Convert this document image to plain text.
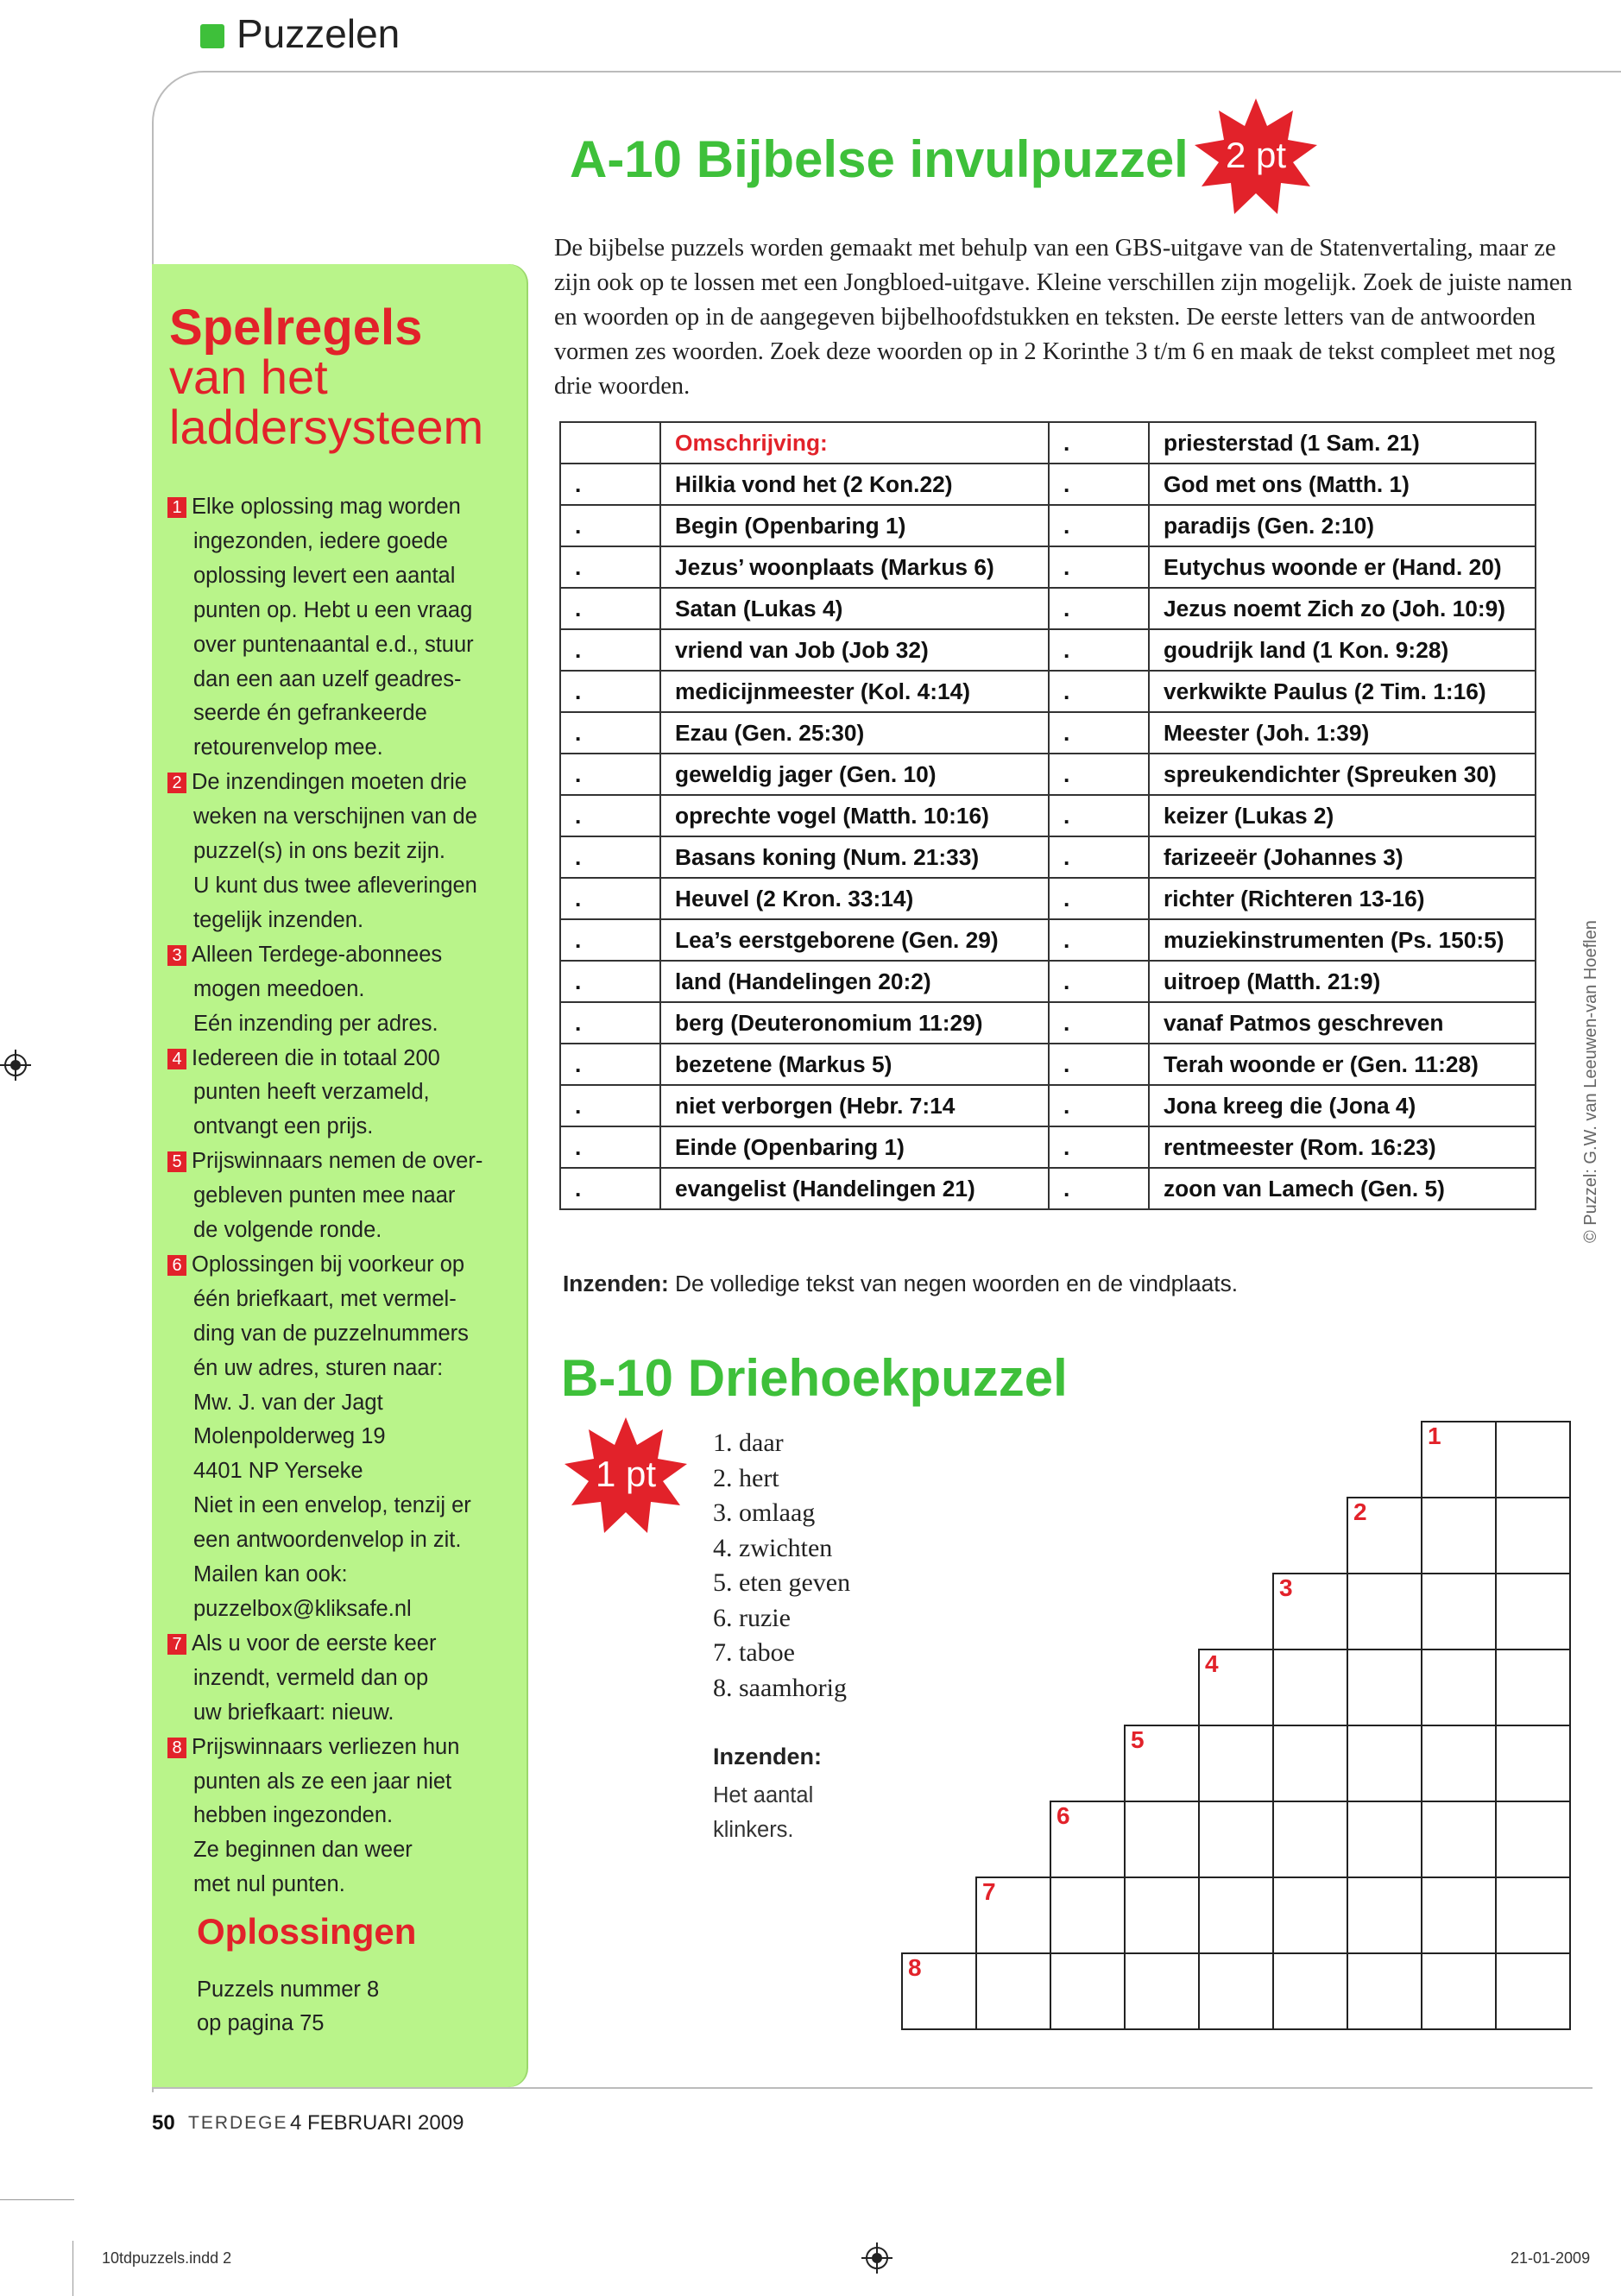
Puzzelen
Spelregels
van het laddersysteem
1 Elke oplossing mag worden
ingezonden, iedere goede
oplossing levert een aantal
punten op. Hebt u een vraag
over puntenaantal e.d., stuur
dan een aan uzelf geadres-
seerde én gefrankeerde
retourenvelop mee.
2 De inzendingen moeten drie
weken na verschijnen van de
puzzel(s) in ons bezit zijn.
U kunt dus twee afleveringen
tegelijk inzenden.
3 Alleen Terdege-abonnees
mogen meedoen.
Eén inzending per adres.
4 Iedereen die in totaal 200
punten heeft verzameld,
ontvangt een prijs.
5 Prijswinnaars nemen de over-
gebleven punten mee naar
de volgende ronde.
6 Oplossingen bij voorkeur op
één briefkaart, met vermel-
ding van de puzzelnummers
én uw adres, sturen naar:
Mw. J. van der Jagt
Molenpolderweg 19
4401 NP Yerseke
Niet in een envelop, tenzij er
een antwoordenvelop in zit.
Mailen kan ook:
puzzelbox@kliksafe.nl
7 Als u voor de eerste keer
inzendt, vermeld dan op
uw briefkaart: nieuw.
8 Prijswinnaars verliezen hun
punten als ze een jaar niet
hebben ingezonden.
Ze beginnen dan weer
met nul punten.
Oplossingen
Puzzels nummer 8
op pagina 75
A-10 Bijbelse invulpuzzel	2 pt
De bijbelse puzzels worden gemaakt met behulp van een GBS-uitgave van de Statenvertaling, maar ze zijn ook op te lossen met een Jongbloed-uitgave. Kleine verschillen zijn mogelijk. Zoek de juiste namen en woorden op in de aangegeven bijbelhoofdstukken en teksten. De eerste letters van de antwoorden vormen zes woorden. Zoek deze woorden op in 2 Korinthe 3 t/m 6 en maak de tekst compleet met nog drie woorden.
	Omschrijving:	.	priesterstad (1 Sam. 21)
.	Hilkia vond het (2 Kon.22)	.	God met ons (Matth. 1)
.	Begin (Openbaring 1)	.	paradijs (Gen. 2:10)
.	Jezus’ woonplaats (Markus 6)	.	Eutychus woonde er (Hand. 20)
.	Satan (Lukas 4)	.	Jezus noemt Zich zo (Joh. 10:9)
.	vriend van Job (Job 32)	.	goudrijk land (1 Kon. 9:28)
.	medicijnmeester (Kol. 4:14)	.	verkwikte Paulus (2 Tim. 1:16)
.	Ezau (Gen. 25:30)	.	Meester (Joh. 1:39)
.	geweldig jager (Gen. 10)	.	spreukendichter (Spreuken 30)
.	oprechte vogel (Matth. 10:16)	.	keizer (Lukas 2)
.	Basans koning (Num. 21:33)	.	farizeeër (Johannes 3)
.	Heuvel (2 Kron. 33:14)	.	richter (Richteren 13-16)
.	Lea’s eerstgeborene (Gen. 29)	.	muziekinstrumenten (Ps. 150:5)
.	land (Handelingen 20:2)	.	uitroep (Matth. 21:9)
.	berg (Deuteronomium 11:29)	.	vanaf Patmos geschreven
.	bezetene (Markus 5)	.	Terah woonde er (Gen. 11:28)
.	niet verborgen (Hebr. 7:14	.	Jona kreeg die (Jona 4)
.	Einde (Openbaring 1)	.	rentmeester (Rom. 16:23)
.	evangelist (Handelingen 21)	.	zoon van Lamech (Gen. 5)
Inzenden: De volledige tekst van negen woorden en de vindplaats.
B-10 Driehoekpuzzel
1 pt
1. daar
2. hert
3. omlaag
4. zwichten
5. eten geven
6. ruzie
7. taboe
8. saamhorig
Inzenden:
Het aantal klinkers.
1
2
3
4
5
6
7
8
50 TERDEGE 4 FEBRUARI 2009
© Puzzel: G.W. van Leeuwen-van Hoeflen
10tdpuzzels.indd 2	21-01-2009
